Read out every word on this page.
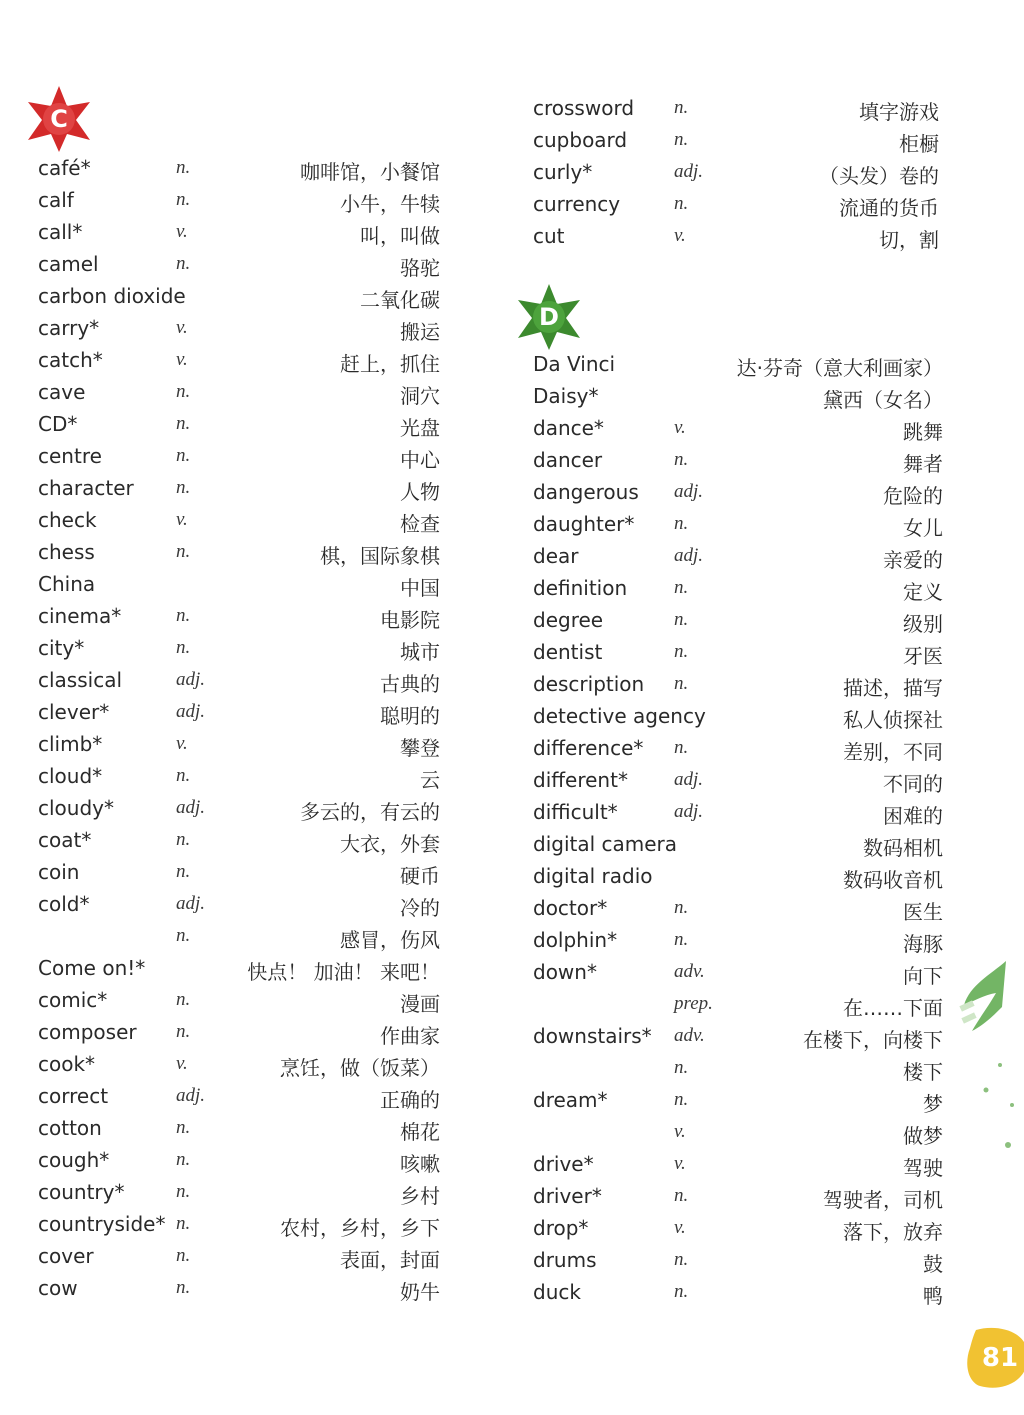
C
D
café*	n.	咖啡馆，小餐馆
calf	n.	小牛，牛犊
call*	v.	叫，叫做
camel	n.	骆驼
carbon dioxide	二氧化碳
carry*	v.	搬运
catch*	v.	赶上，抓住
cave	n.	洞穴
CD*	n.	光盘
centre	n.	中心
character n.	人物
check	v.	检查
chess	n.	棋，国际象棋
China	中国
cinema*	n.	电影院
city*	n.	城市
classical	adj.	古典的
clever*	adj.	聪明的
climb*	v.	攀登
cloud*	n.	云
cloudy*	adj.	多云的，有云的
coat*	n.	大衣，外套
coin	n.	硬币
cold*	adj.	冷的
n.	感冒，伤风
Come on!*	快点！ 加油！ 来吧！
comic*	n.	漫画
composer n.	作曲家
cook*	v.	烹饪，做（饭菜）
correct	adj.	正确的
cotton	n.	棉花
cough*	n.	咳嗽
country*	n.	乡村
countryside* n.	农村，乡村，乡下
cover	n.	表面，封面
cow	n.	奶牛
crossword n.	填字游戏
cupboard n.	柜橱
curly*	adj.	（头发）卷的
currency	n.	流通的货币
cut	v.	切，割
Da Vinci	达·芬奇（意大利画家）
Daisy*	黛西（女名）
dance*	v.	跳舞
dancer	n.	舞者
dangerous adj.	危险的
daughter* n.	女儿
dear	adj.	亲爱的
definition n.	定义
degree	n.	级别
dentist	n.	牙医
description n.	描述，描写
detective agency	私人侦探社
difference* n.	差别，不同
different* adj.	不同的
difficult*	adj.	困难的
digital camera	数码相机
digital radio	数码收音机
doctor*	n.	医生
dolphin*	n.	海豚
down*	adv.	向下
prep.	在……下面
downstairs* adv.	在楼下，向楼下
n.	楼下
dream*	n.	梦
v.	做梦
drive*	v.	驾驶
driver*	n.	驾驶者，司机
drop*	v.	落下，放弃
drums	n.	鼓
duck	n.	鸭
81
